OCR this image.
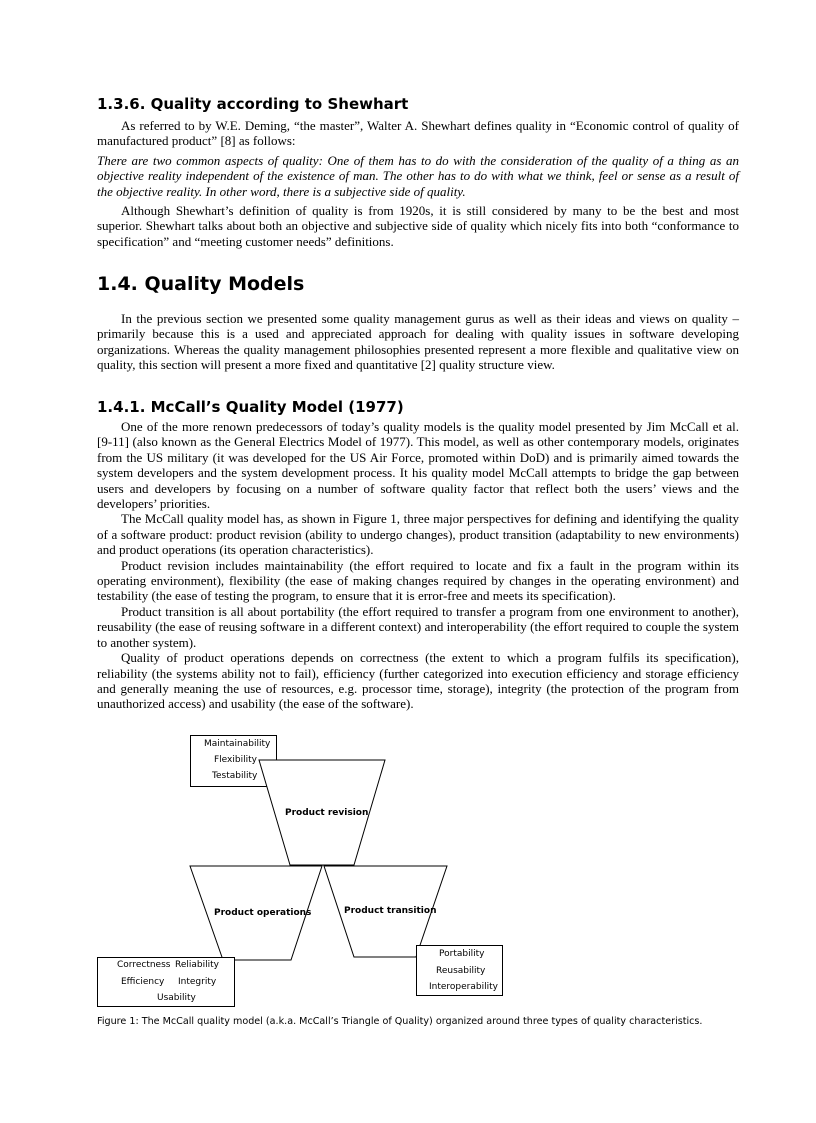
1.3.6. Quality according to Shewhart

As referred to by W.E. Deming, “the master”, Walter A. Shewhart defines quality in “Economic control of quality of manufactured product” [8] as follows:

There are two common aspects of quality: One of them has to do with the consideration of the quality of a thing as an objective reality independent of the existence of man. The other has to do with what we think, feel or sense as a result of the objective reality. In other word, there is a subjective side of quality.

Although Shewhart’s definition of quality is from 1920s, it is still considered by many to be the best and most superior. Shewhart talks about both an objective and subjective side of quality which nicely fits into both “conformance to specification” and “meeting customer needs” definitions.

1.4. Quality Models

In the previous section we presented some quality management gurus as well as their ideas and views on quality – primarily because this is a used and appreciated approach for dealing with quality issues in software developing organizations. Whereas the quality management philosophies presented represent a more flexible and qualitative view on quality, this section will present a more fixed and quantitative [2] quality structure view.

1.4.1. McCall’s Quality Model (1977)

One of the more renown predecessors of today’s quality models is the quality model presented by Jim McCall et al. [9-11] (also known as the General Electrics Model of 1977). This model, as well as other contemporary models, originates from the US military (it was developed for the US Air Force, promoted within DoD) and is primarily aimed towards the system developers and the system development process. It his quality model McCall attempts to bridge the gap between users and developers by focusing on a number of software quality factor that reflect both the users’ views and the developers’ priorities.

The McCall quality model has, as shown in Figure 1, three major perspectives for defining and identifying the quality of a software product: product revision (ability to undergo changes), product transition (adaptability to new environments) and product operations (its operation characteristics).

Product revision includes maintainability (the effort required to locate and fix a fault in the program within its operating environment), flexibility (the ease of making changes required by changes in the operating environment) and testability (the ease of testing the program, to ensure that it is error-free and meets its specification).

Product transition is all about portability (the effort required to transfer a program from one environment to another), reusability (the ease of reusing software in a different context) and interoperability (the effort required to couple the system to another system).

Quality of product operations depends on correctness (the extent to which a program fulfils its specification), reliability (the systems ability not to fail), efficiency (further categorized into execution efficiency and storage efficiency and generally meaning the use of resources, e.g. processor time, storage), integrity (the protection of the program from unauthorized access) and usability (the ease of the software).

Maintainability
Flexibility
Testability
Product revision
Product operations	Product transition
Correctness Reliability
Efficiency Integrity
Usability
Portability
Reusability
Interoperability
Figure 1: The McCall quality model (a.k.a. McCall’s Triangle of Quality) organized around three types of quality characteristics.
